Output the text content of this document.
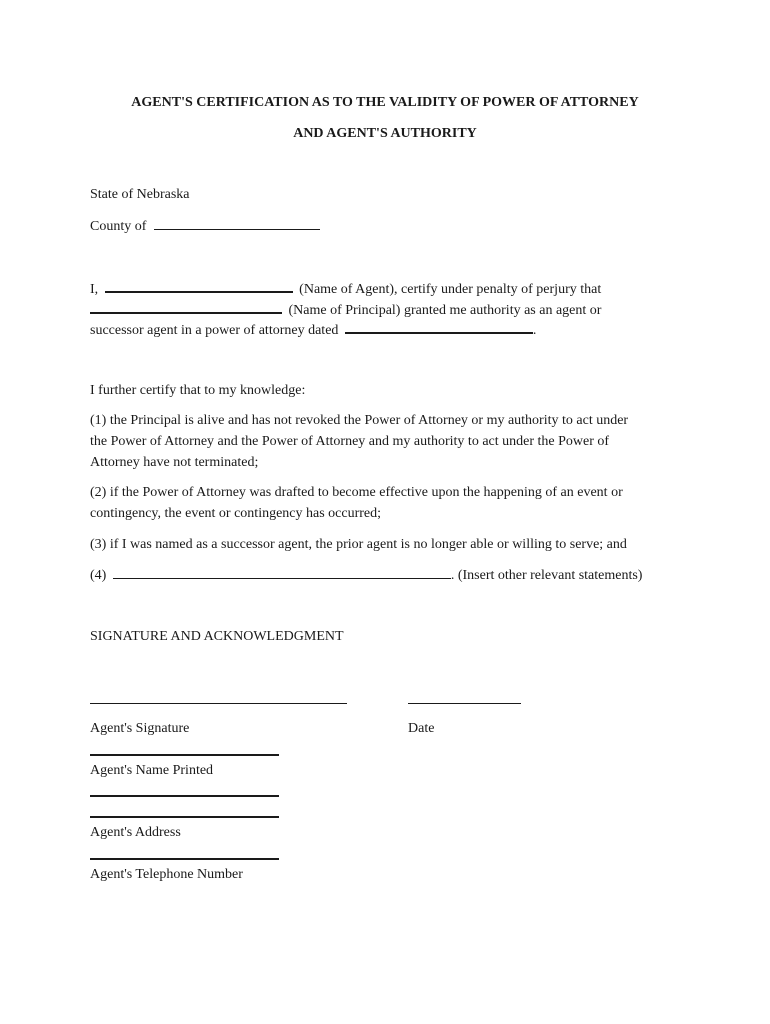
AGENT'S CERTIFICATION AS TO THE VALIDITY OF POWER OF ATTORNEY
AND AGENT'S AUTHORITY
State of Nebraska
County of
I,	(Name of Agent), certify under penalty of perjury that
(Name of Principal) granted me authority as an agent or
successor agent in a power of attorney dated	.
I further certify that to my knowledge:
(1) the Principal is alive and has not revoked the Power of Attorney or my authority to act under
the Power of Attorney and the Power of Attorney and my authority to act under the Power of
Attorney have not terminated;
(2) if the Power of Attorney was drafted to become effective upon the happening of an event or
contingency, the event or contingency has occurred;
(3) if I was named as a successor agent, the prior agent is no longer able or willing to serve; and
(4)	. (Insert other relevant statements)
SIGNATURE AND ACKNOWLEDGMENT
Agent's Signature	Date
Agent's Name Printed
Agent's Address
Agent's Telephone Number
